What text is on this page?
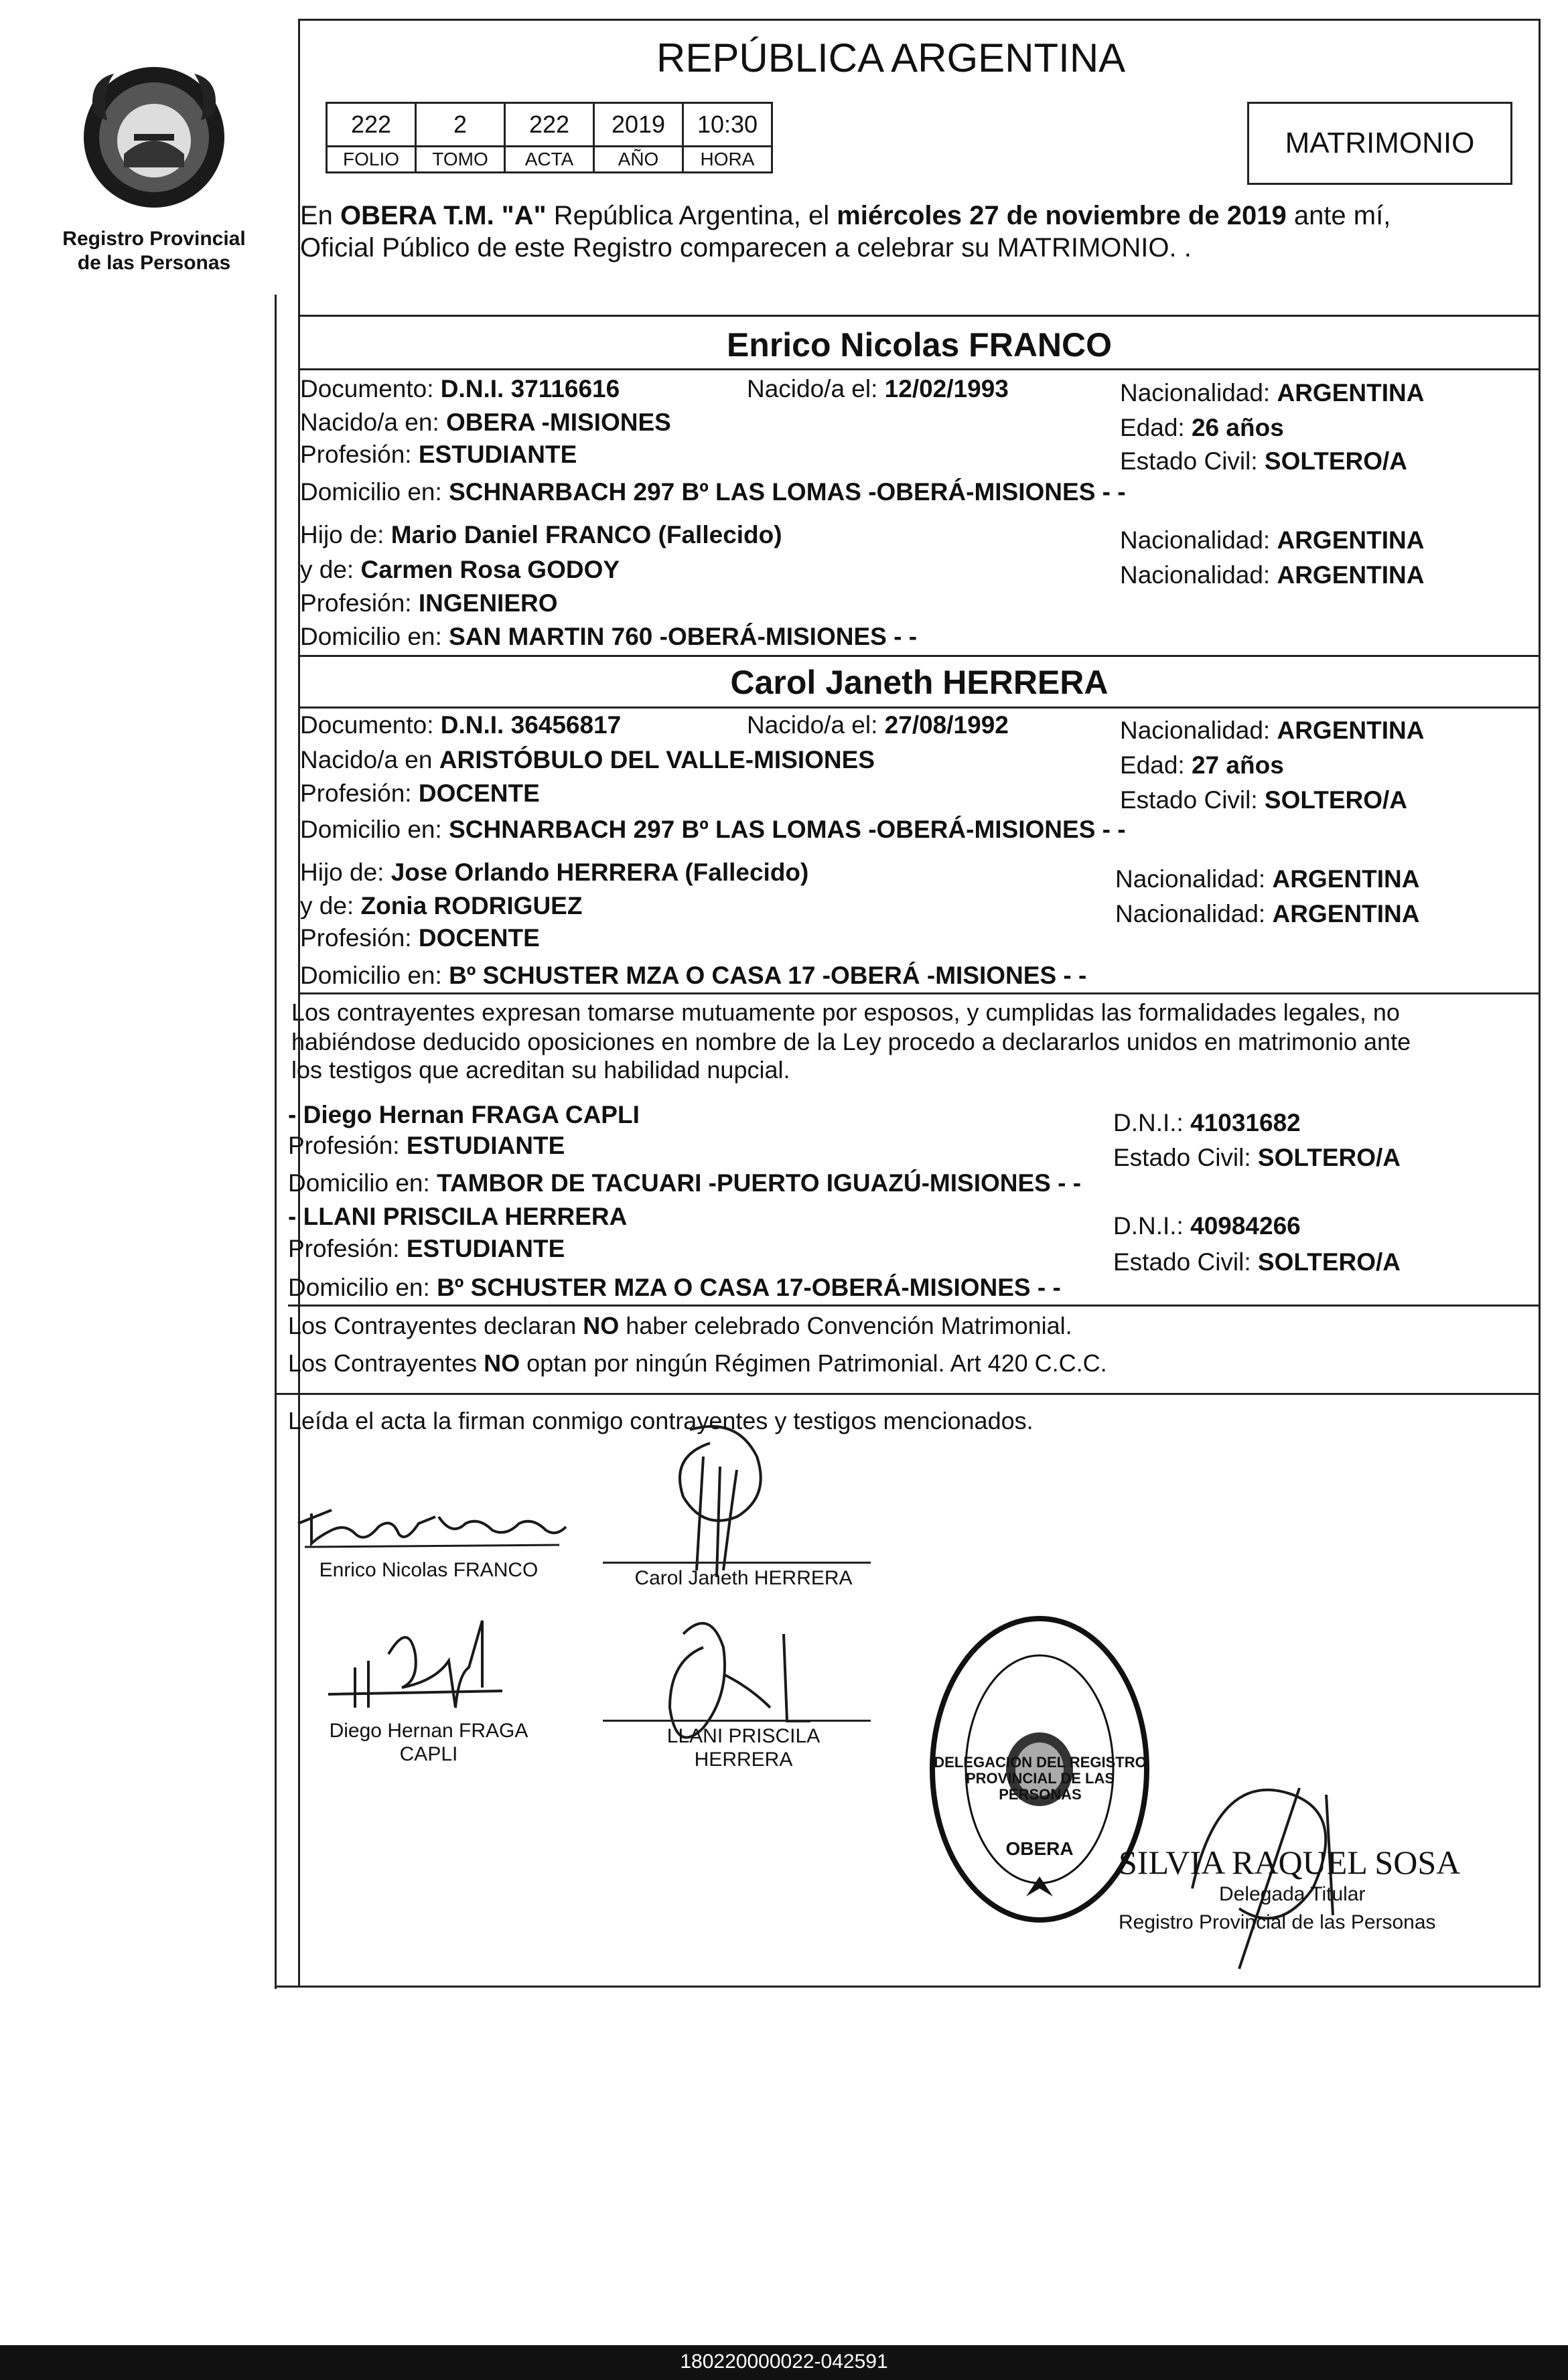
Registro Provincial
de las Personas
REPÚBLICA ARGENTINA
222	2	222	2019	10:30
FOLIO	TOMO	ACTA	AÑO	HORA	MATRIMONIO
En OBERA T.M. "A" República Argentina, el miércoles 27 de noviembre de 2019 ante mí,
Oficial Público de este Registro comparecen a celebrar su MATRIMONIO. .
Enrico Nicolas FRANCO
Documento: D.N.I. 37116616	Nacido/a el: 12/02/1993	Nacionalidad: ARGENTINA
Nacido/a en: OBERA -MISIONES	Edad: 26 años
Profesión: ESTUDIANTE	Estado Civil: SOLTERO/A
Domicilio en: SCHNARBACH 297 Bº LAS LOMAS -OBERÁ-MISIONES - -
Hijo de: Mario Daniel FRANCO (Fallecido)	Nacionalidad: ARGENTINA
y de: Carmen Rosa GODOY	Nacionalidad: ARGENTINA
Profesión: INGENIERO
Domicilio en: SAN MARTIN 760 -OBERÁ-MISIONES - -
Carol Janeth HERRERA
Documento: D.N.I. 36456817	Nacido/a el: 27/08/1992	Nacionalidad: ARGENTINA
Nacido/a en ARISTÓBULO DEL VALLE-MISIONES	Edad: 27 años
Profesión: DOCENTE	Estado Civil: SOLTERO/A
Domicilio en: SCHNARBACH 297 Bº LAS LOMAS -OBERÁ-MISIONES - -
Hijo de: Jose Orlando HERRERA (Fallecido)	Nacionalidad: ARGENTINA
y de: Zonia RODRIGUEZ	Nacionalidad: ARGENTINA
Profesión: DOCENTE
Domicilio en: Bº SCHUSTER MZA O CASA 17 -OBERÁ -MISIONES - -
Los contrayentes expresan tomarse mutuamente por esposos, y cumplidas las formalidades legales, no
habiéndose deducido oposiciones en nombre de la Ley procedo a declararlos unidos en matrimonio ante
los testigos que acreditan su habilidad nupcial.
- Diego Hernan FRAGA CAPLI	D.N.I.: 41031682
Profesión: ESTUDIANTE	Estado Civil: SOLTERO/A
Domicilio en: TAMBOR DE TACUARI -PUERTO IGUAZÚ-MISIONES - -
- LLANI PRISCILA HERRERA	D.N.I.: 40984266
Profesión: ESTUDIANTE	Estado Civil: SOLTERO/A
Domicilio en: Bº SCHUSTER MZA O CASA 17-OBERÁ-MISIONES - -
Los Contrayentes declaran NO haber celebrado Convención Matrimonial.
Los Contrayentes NO optan por ningún Régimen Patrimonial. Art 420 C.C.C.
Leída el acta la firman conmigo contrayentes y testigos mencionados.
Enrico Nicolas FRANCO	Carol Janeth HERRERA
Diego Hernan FRAGA
CAPLI
LLANI PRISCILA
HERRERA	DELEGACION DEL REGISTRO PROVINCIAL DE LAS PERSONAS
OBERA	SILVIA RAQUEL SOSA
Delegada Titular
Registro Provincial de las Personas
180220000022-042591
